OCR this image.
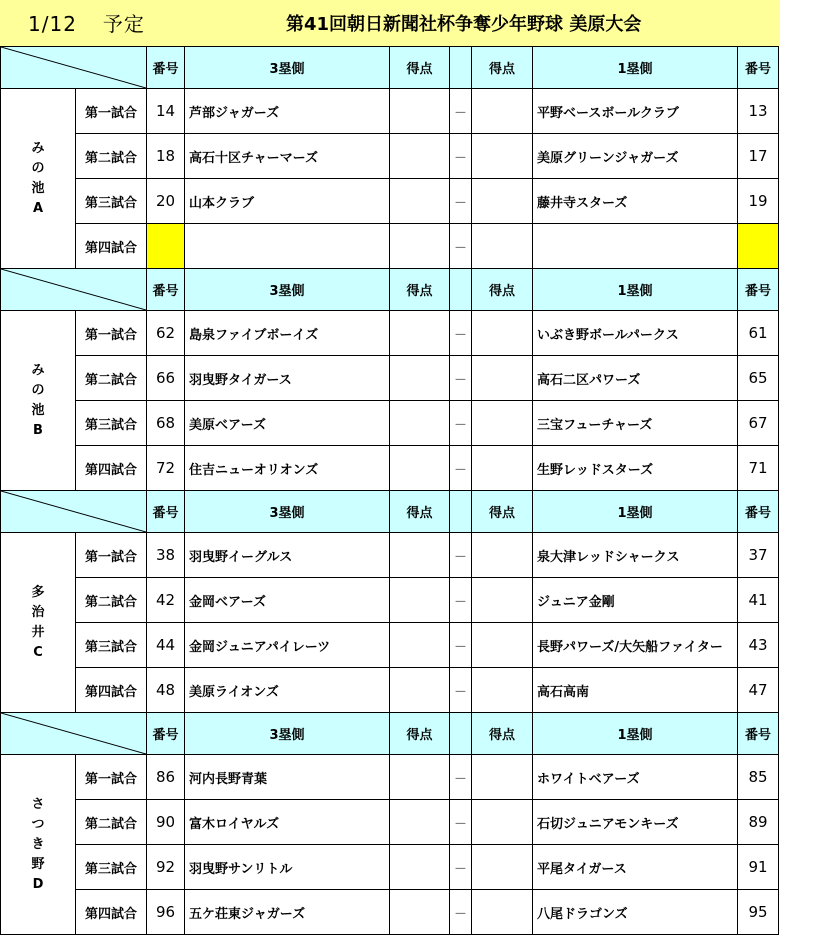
1/12 予定	第41回朝日新聞社杯争奪少年野球 美原大会
	番号	3塁側	得点		得点	1塁側	番号

み
の
池
A	第一試合	14	芦部ジャガーズ		－		平野ベースボールクラブ	13
	第二試合	18	高石十区チャーマーズ		－		美原グリーンジャガーズ	17
	第三試合	20	山本クラブ		－		藤井寺スターズ	19
	第四試合				－			

	番号	3塁側	得点		得点	1塁側	番号

み
の
池
B	第一試合	62	島泉ファイブボーイズ		－		いぶき野ボールパークス	61
	第二試合	66	羽曳野タイガース		－		高石二区パワーズ	65
	第三試合	68	美原ベアーズ		－		三宝フューチャーズ	67
	第四試合	72	住吉ニューオリオンズ		－		生野レッドスターズ	71

	番号	3塁側	得点		得点	1塁側	番号

多
治
井
C	第一試合	38	羽曳野イーグルス		－		泉大津レッドシャークス	37
	第二試合	42	金岡ベアーズ		－		ジュニア金剛	41
	第三試合	44	金岡ジュニアパイレーツ		－		長野パワーズ/大矢船ファイター	43
	第四試合	48	美原ライオンズ		－		高石高南	47

	番号	3塁側	得点		得点	1塁側	番号

さ
つ
き
野
D	第一試合	86	河内長野青葉		－		ホワイトベアーズ	85
	第二試合	90	富木ロイヤルズ		－		石切ジュニアモンキーズ	89
	第三試合	92	羽曳野サンリトル		－		平尾タイガース	91
	第四試合	96	五ケ荘東ジャガーズ		－		八尾ドラゴンズ	95
